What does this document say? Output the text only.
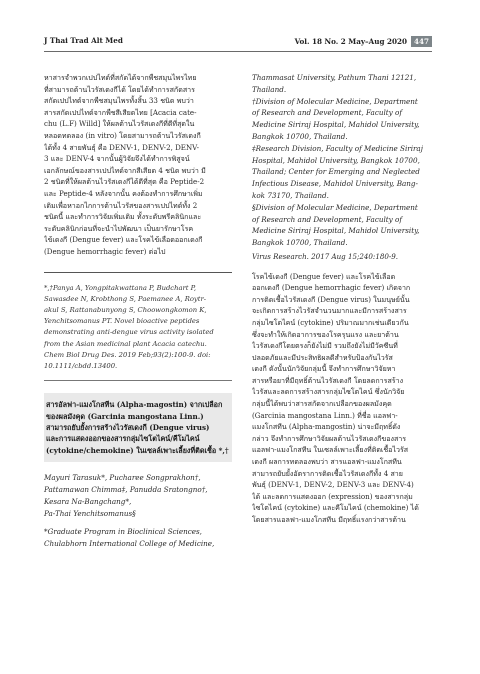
J Thai Trad Alt Med	Vol. 18 No. 2 May–Aug 2020 447
หาสารจำพวกเปปไทด์ที่สกัดได้จากพืชสมุนไพรไทย
ที่สามารถต้านไวรัสเดงกีได้ โดยได้ทำการสกัดสาร
สกัดเปปไทด์จากพืชสมุนไพรทั้งสิ้น 33 ชนิด พบว่า
สารสกัดเปปไทด์จากพืชสีเสียดไทย [Acacia cate-
chu (L.F) Willd] ให้ผลต้านไวรัสเดงกีที่ดีที่สุดใน
หลอดทดลอง (in vitro) โดยสามารถต้านไวรัสเดงกี
ได้ทั้ง 4 สายพันธุ์ คือ DENV-1, DENV-2, DENV-
3 และ DENV-4 จากนั้นผู้วิจัยจึงได้ทำการพิสูจน์
เอกลักษณ์ของสารเปปไทด์จากสีเสียด 4 ชนิด พบว่า มี
2 ชนิดที่ให้ผลต้านไวรัสเดงกีได้ดีที่สุด คือ Peptide-2
และ Peptide-4 หลังจากนั้น คงต้องทำการศึกษาเพิ่ม
เติมเพื่อหาอกไกการต้านไวรัสของสารเปปไทด์ทั้ง 2
ชนิดนี้ และทำการวิจัยเพิ่มเติม ทั้งระดับพรีคลินิกและ
ระดับคลินิกก่อนที่จะนำไปพัฒนา เป็นยารักษาโรค
ไข้เดงกี (Dengue fever) และโรคไข้เลือดออกเดงกี
(Dengue hemorrhagic fever) ต่อไป
*,†Panya A, Yongpitakwattana P, Budchart P,
Sawasdee N, Krobthong S, Paemanee A, Roytr-
akul S, Rattanabunyong S, Choowongkomon K,
Yenchitsomanus PT. Novel bioactive peptides
demonstrating anti-dengue virus activity isolated
from the Asian medicinal plant Acacia catechu.
Chem Biol Drug Des. 2019 Feb;93(2):100-9. doi:
10.1111/cbdd.13400.
สารอัลฟา-แมงโกสทีน (Alpha-magostin) จากเปลือก
ของผลมังคุด (Garcinia mangostana Linn.)
สามารถยับยั้งการสร้างไวรัสเดงกี (Dengue virus)
และการแสดงออกของสารกลุ่มไซโตไคน์/คีโมไคน์
(cytokine/chemokine) ในเซลล์เพาะเลี้ยงที่ติดเชื้อ *,†
Mayuri Tarasuk*, Pucharee Songprakhon†,
Pattamawan Chimma‡, Panudda Sratongno†,
Kesara Na-Bangchang*,
Pa-Thai Yenchitsomanus§
*Graduate Program in Bioclinical Sciences,
Chulabhorn International College of Medicine,
Thammasat University, Pathum Thani 12121,
Thailand.
†Division of Molecular Medicine, Department
of Research and Development, Faculty of
Medicine Siriraj Hospital, Mahidol University,
Bangkok 10700, Thailand.
‡Research Division, Faculty of Medicine Siriraj
Hospital, Mahidol University, Bangkok 10700,
Thailand; Center for Emerging and Neglected
Infectious Disease, Mahidol University, Bang-
kok 73170, Thailand.
§Division of Molecular Medicine, Department
of Research and Development, Faculty of
Medicine Siriraj Hospital, Mahidol University,
Bangkok 10700, Thailand.
Virus Research. 2017 Aug 15;240:180-9.
โรคไข้เดงกี (Dengue fever) และโรคไข้เลือด
ออกเดงกี (Dengue hemorrhagic fever) เกิดจาก
การติดเชื้อไวรัสเดงกี (Dengue virus) ในมนุษย์นั้น
จะเกิดการสร้างไวรัสจำนวนมากและมีการสร้างสาร
กลุ่มไซโตไคน์ (cytokine) ปริมาณมากเช่นเดียวกัน
ซึ่งจะทำให้เกิดอาการของโรครุนแรง และยาต้าน
ไวรัสเดงกีโดยตรงก็ยังไม่มี รวมถึงยังไม่มีวัคซีนที่
ปลอดภัยและมีประสิทธิผลดีสำหรับป้องกันไวรัส
เดงกี ดังนั้นนักวิจัยกลุ่มนี้ จึงทำการศึกษาวิจัยหา
สารหรือยาที่มีฤทธิ์ต้านไวรัสเดงกี โดยลดการสร้าง
ไวรัสและลดการสร้างสารกลุ่มไซโตไคน์ ซึ่งนักวิจัย
กลุ่มนี้ได้พบว่าสารสกัดจากเปลือกของผลมังคุด
(Garcinia mangostana Linn.) ที่ชื่อ แอลฟา-
แมงโกสทีน (Alpha-mangostin) น่าจะมีฤทธิ์ดัง
กล่าว จึงทำการศึกษาวิจัยผลต้านไวรัสเดงกีของสาร
แอลฟา-แมงโกสทีน ในเซลล์เพาะเลี้ยงที่ติดเชื้อไวรัส
เดงกี ผลการทดลองพบว่า สารแอลฟา-แมงโกสทีน
สามารถยับยั้งอัตราการติดเชื้อไวรัสเดงกีทั้ง 4 สาย
พันธุ์ (DENV-1, DENV-2, DENV-3 และ DENV-4)
ได้ และลดการแสดงออก (expression) ของสารกลุ่ม
ไซโตไคน์ (cytokine) และคีโมไคน์ (chemokine) ได้
โดยสารแอลฟา-แมงโกสทีน มีฤทธิ์แรงกว่าสารต้าน
